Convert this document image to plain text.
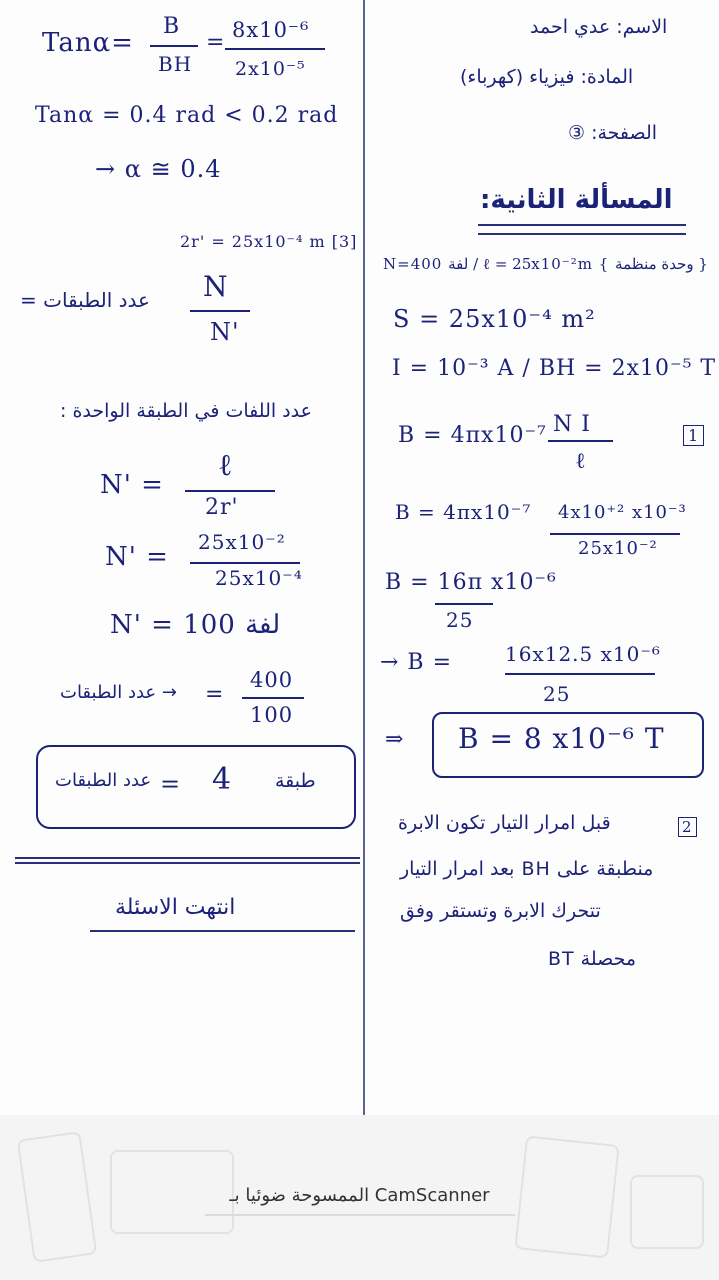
Tanα=
B
BH
= 8x10⁻⁶
2x10⁻⁵
Tanα = 0.4 rad < 0.2 rad
→ α ≅ 0.4
2r' = 25x10⁻⁴ m [3]
عدد الطبقات = N
N'
عدد اللفات في الطبقة الواحدة :
N' =
ℓ
2r'
N' = 25x10⁻²
25x10⁻⁴
N' = 100 لفة
→ عدد الطبقات =
400
100
عدد الطبقات = 4 طبقة
انتهت الاسئلة
الاسم: عدي احمد
المادة: فيزياء (كهرباء)
الصفحة: ③
المسألة الثانية:
N=400 لفة / ℓ = 25x10⁻²m { وحدة منظمة }
S = 25x10⁻⁴ m²
I = 10⁻³ A / BH = 2x10⁻⁵ T
1
B = 4πx10⁻⁷ N I
ℓ
B = 4πx10⁻⁷ 4x10⁺² x10⁻³
25x10⁻²
B = 16π x10⁻⁶
25
→ B =	16x12.5 x10⁻⁶
25
⇒ B = 8 x10⁻⁶ T
2
قبل امرار التيار تكون الابرة
منطبقة على BH بعد امرار التيار
تتحرك الابرة وتستقر وفق
محصلة BT
الممسوحة ضوئيا بـ CamScanner
